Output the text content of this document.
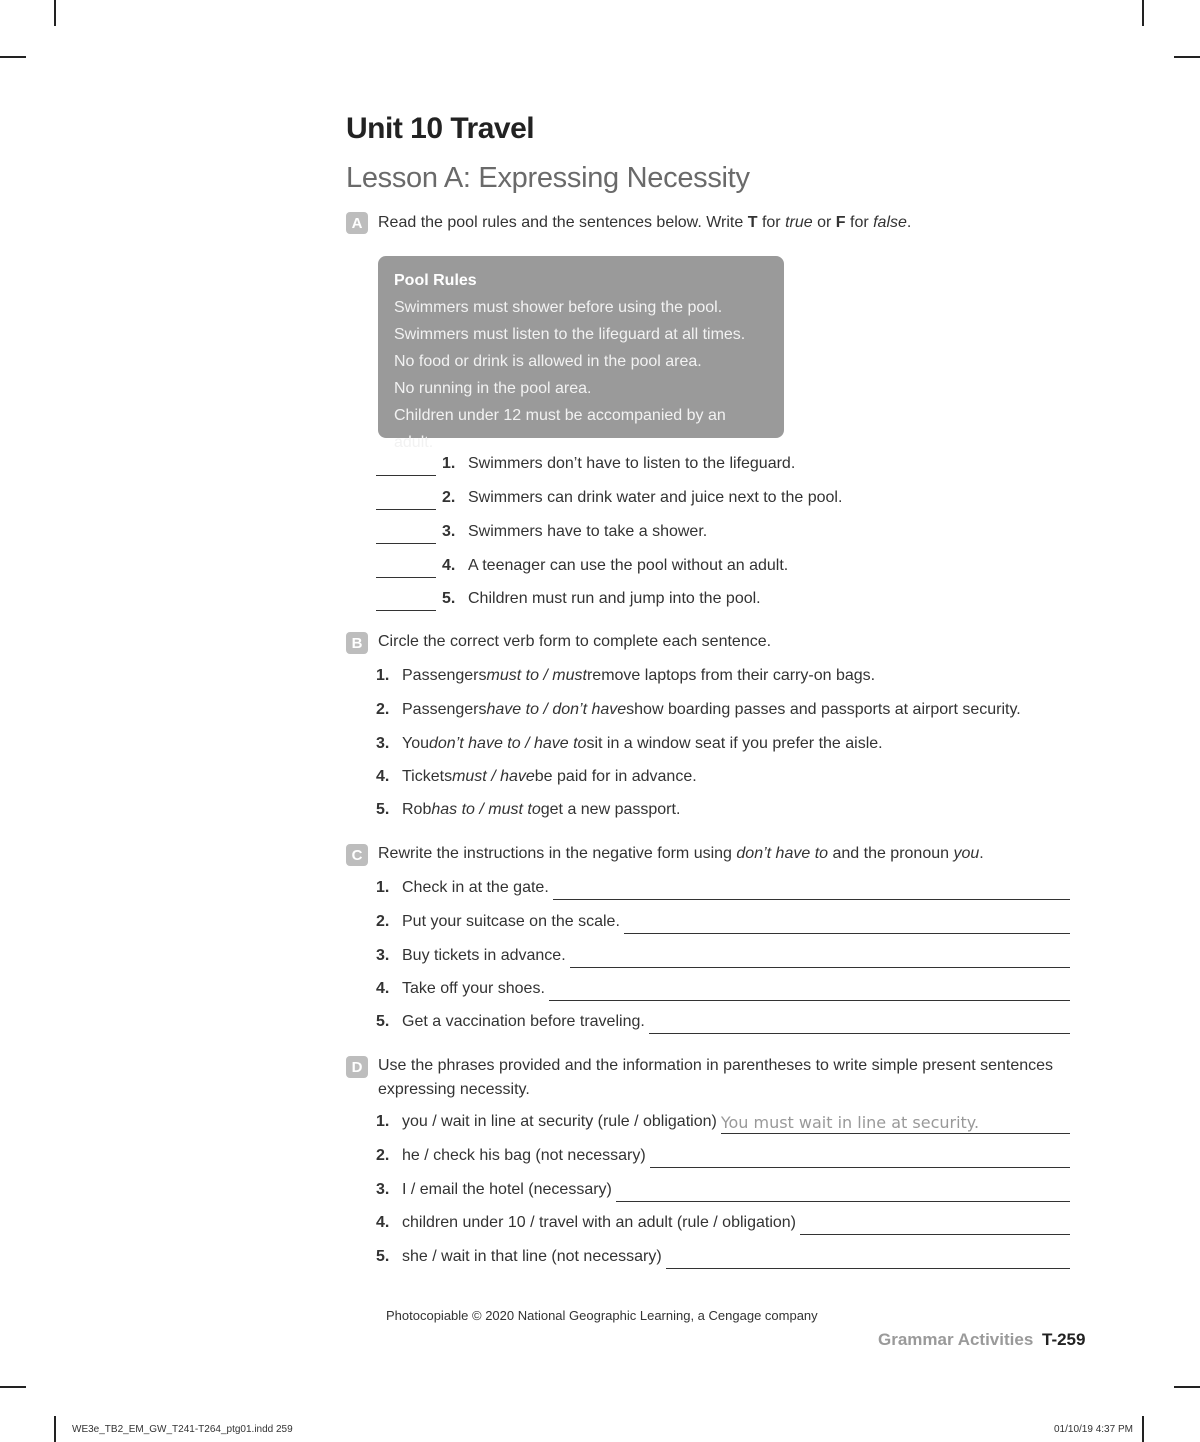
Unit 10 Travel
Lesson A: Expressing Necessity
A Read the pool rules and the sentences below. Write T for true or F for false.
Pool Rules
Swimmers must shower before using the pool.
Swimmers must listen to the lifeguard at all times.
No food or drink is allowed in the pool area.
No running in the pool area.
Children under 12 must be accompanied by an adult.
1. Swimmers don’t have to listen to the lifeguard.
2. Swimmers can drink water and juice next to the pool.
3. Swimmers have to take a shower.
4. A teenager can use the pool without an adult.
5. Children must run and jump into the pool.
B Circle the correct verb form to complete each sentence.
1. Passengers must to / must remove laptops from their carry-on bags.
2. Passengers have to / don’t have show boarding passes and passports at airport security.
3. You don’t have to / have to sit in a window seat if you prefer the aisle.
4. Tickets must / have be paid for in advance.
5. Rob has to / must to get a new passport.
C Rewrite the instructions in the negative form using don’t have to and the pronoun you.
1. Check in at the gate.
2. Put your suitcase on the scale.
3. Buy tickets in advance.
4. Take off your shoes.
5. Get a vaccination before traveling.
D Use the phrases provided and the information in parentheses to write simple present sentences expressing necessity.
1. you / wait in line at security (rule / obligation) You must wait in line at security.
2. he / check his bag (not necessary)
3. I / email the hotel (necessary)
4. children under 10 / travel with an adult (rule / obligation)
5. she / wait in that line (not necessary)
Photocopiable © 2020 National Geographic Learning, a Cengage company
Grammar Activities T-259
WE3e_TB2_EM_GW_T241-T264_ptg01.indd 259	01/10/19 4:37 PM
